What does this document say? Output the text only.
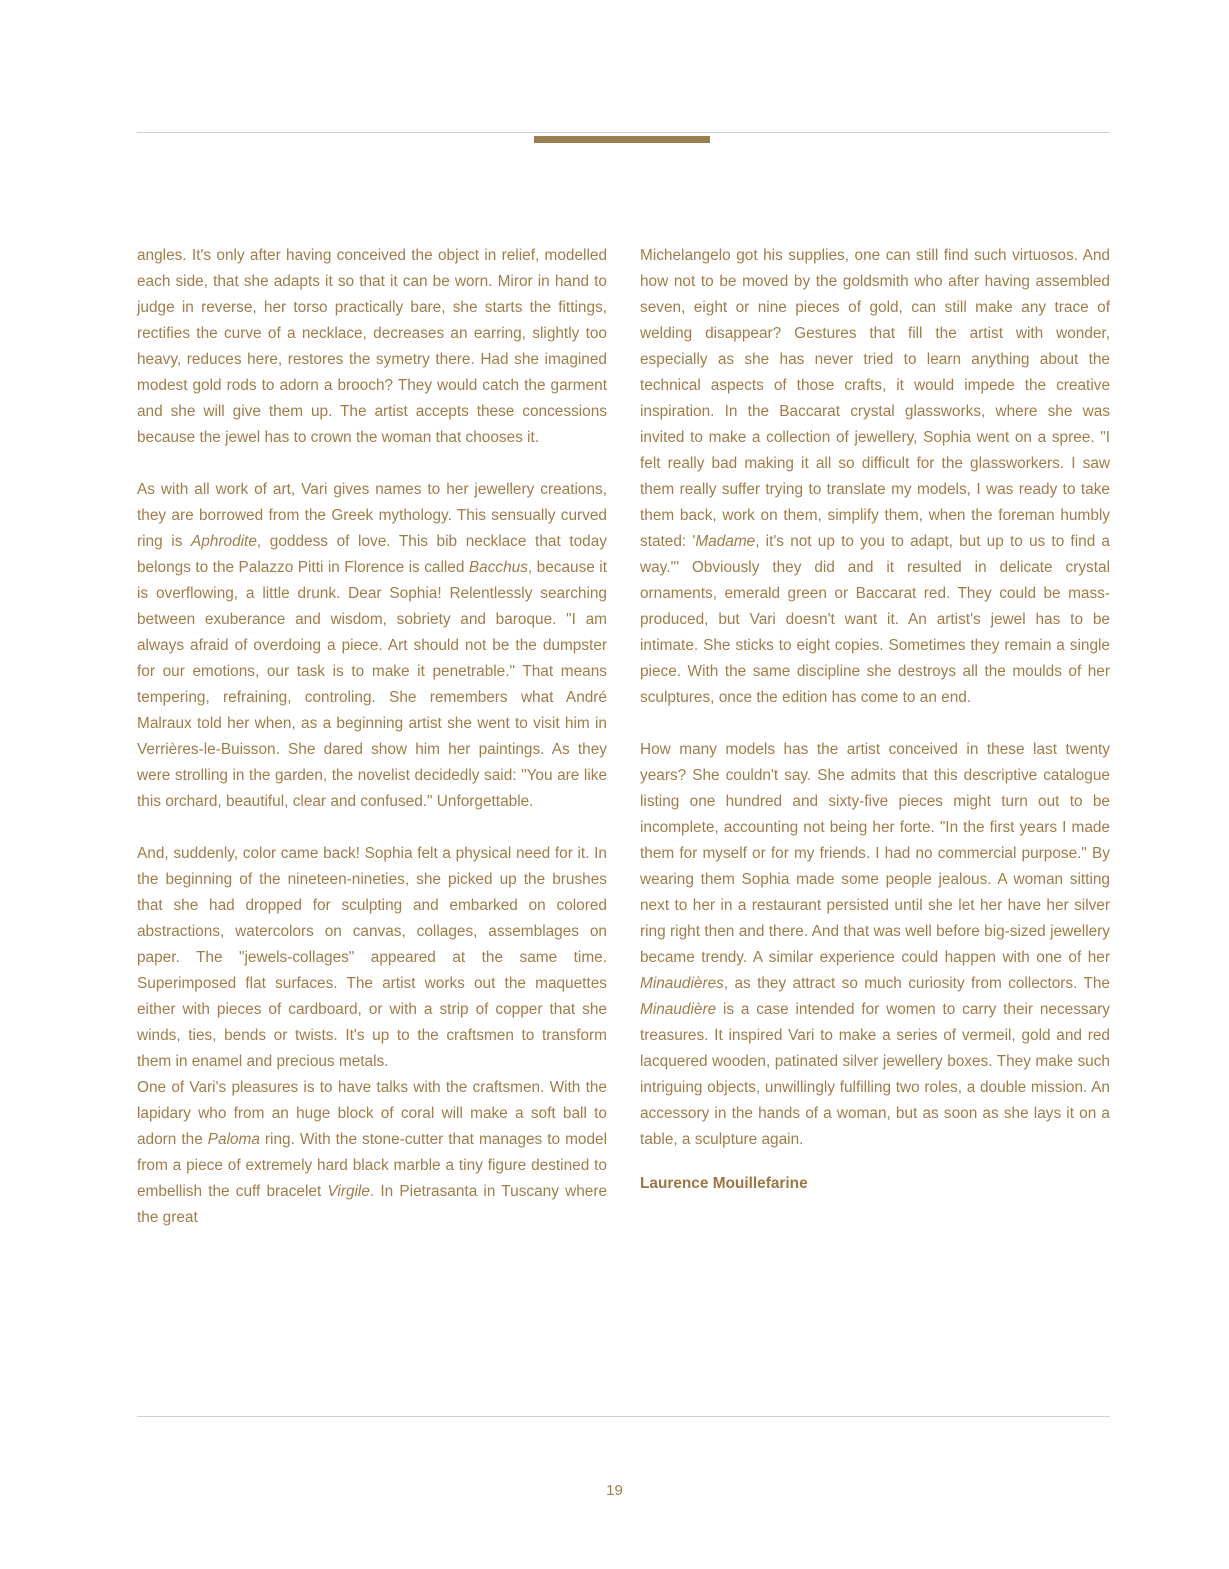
angles. It's only after having conceived the object in relief, modelled each side, that she adapts it so that it can be worn. Miror in hand to judge in reverse, her torso practically bare, she starts the fittings, rectifies the curve of a necklace, decreases an earring, slightly too heavy, reduces here, restores the symetry there. Had she imagined modest gold rods to adorn a brooch? They would catch the garment and she will give them up. The artist accepts these concessions because the jewel has to crown the woman that chooses it.

As with all work of art, Vari gives names to her jewellery creations, they are borrowed from the Greek mythology. This sensually curved ring is Aphrodite, goddess of love. This bib necklace that today belongs to the Palazzo Pitti in Florence is called Bacchus, because it is overflowing, a little drunk. Dear Sophia! Relentlessly searching between exuberance and wisdom, sobriety and baroque. "I am always afraid of overdoing a piece. Art should not be the dumpster for our emotions, our task is to make it penetrable." That means tempering, refraining, controling. She remembers what André Malraux told her when, as a beginning artist she went to visit him in Verrières-le-Buisson. She dared show him her paintings. As they were strolling in the garden, the novelist decidedly said: "You are like this orchard, beautiful, clear and confused." Unforgettable.

And, suddenly, color came back! Sophia felt a physical need for it. In the beginning of the nineteen-nineties, she picked up the brushes that she had dropped for sculpting and embarked on colored abstractions, watercolors on canvas, collages, assemblages on paper. The "jewels-collages" appeared at the same time. Superimposed flat surfaces. The artist works out the maquettes either with pieces of cardboard, or with a strip of copper that she winds, ties, bends or twists. It's up to the craftsmen to transform them in enamel and precious metals.

One of Vari's pleasures is to have talks with the craftsmen. With the lapidary who from an huge block of coral will make a soft ball to adorn the Paloma ring. With the stone-cutter that manages to model from a piece of extremely hard black marble a tiny figure destined to embellish the cuff bracelet Virgile. In Pietrasanta in Tuscany where the great

Michelangelo got his supplies, one can still find such virtuosos. And how not to be moved by the goldsmith who after having assembled seven, eight or nine pieces of gold, can still make any trace of welding disappear? Gestures that fill the artist with wonder, especially as she has never tried to learn anything about the technical aspects of those crafts, it would impede the creative inspiration. In the Baccarat crystal glassworks, where she was invited to make a collection of jewellery, Sophia went on a spree. "I felt really bad making it all so difficult for the glassworkers. I saw them really suffer trying to translate my models, I was ready to take them back, work on them, simplify them, when the foreman humbly stated: 'Madame, it's not up to you to adapt, but up to us to find a way.'" Obviously they did and it resulted in delicate crystal ornaments, emerald green or Baccarat red. They could be mass-produced, but Vari doesn't want it. An artist's jewel has to be intimate. She sticks to eight copies. Sometimes they remain a single piece. With the same discipline she destroys all the moulds of her sculptures, once the edition has come to an end.

How many models has the artist conceived in these last twenty years? She couldn't say. She admits that this descriptive catalogue listing one hundred and sixty-five pieces might turn out to be incomplete, accounting not being her forte. "In the first years I made them for myself or for my friends. I had no commercial purpose." By wearing them Sophia made some people jealous. A woman sitting next to her in a restaurant persisted until she let her have her silver ring right then and there. And that was well before big-sized jewellery became trendy. A similar experience could happen with one of her Minaudières, as they attract so much curiosity from collectors. The Minaudière is a case intended for women to carry their necessary treasures. It inspired Vari to make a series of vermeil, gold and red lacquered wooden, patinated silver jewellery boxes. They make such intriguing objects, unwillingly fulfilling two roles, a double mission. An accessory in the hands of a woman, but as soon as she lays it on a table, a sculpture again.

Laurence Mouillefarine

19
